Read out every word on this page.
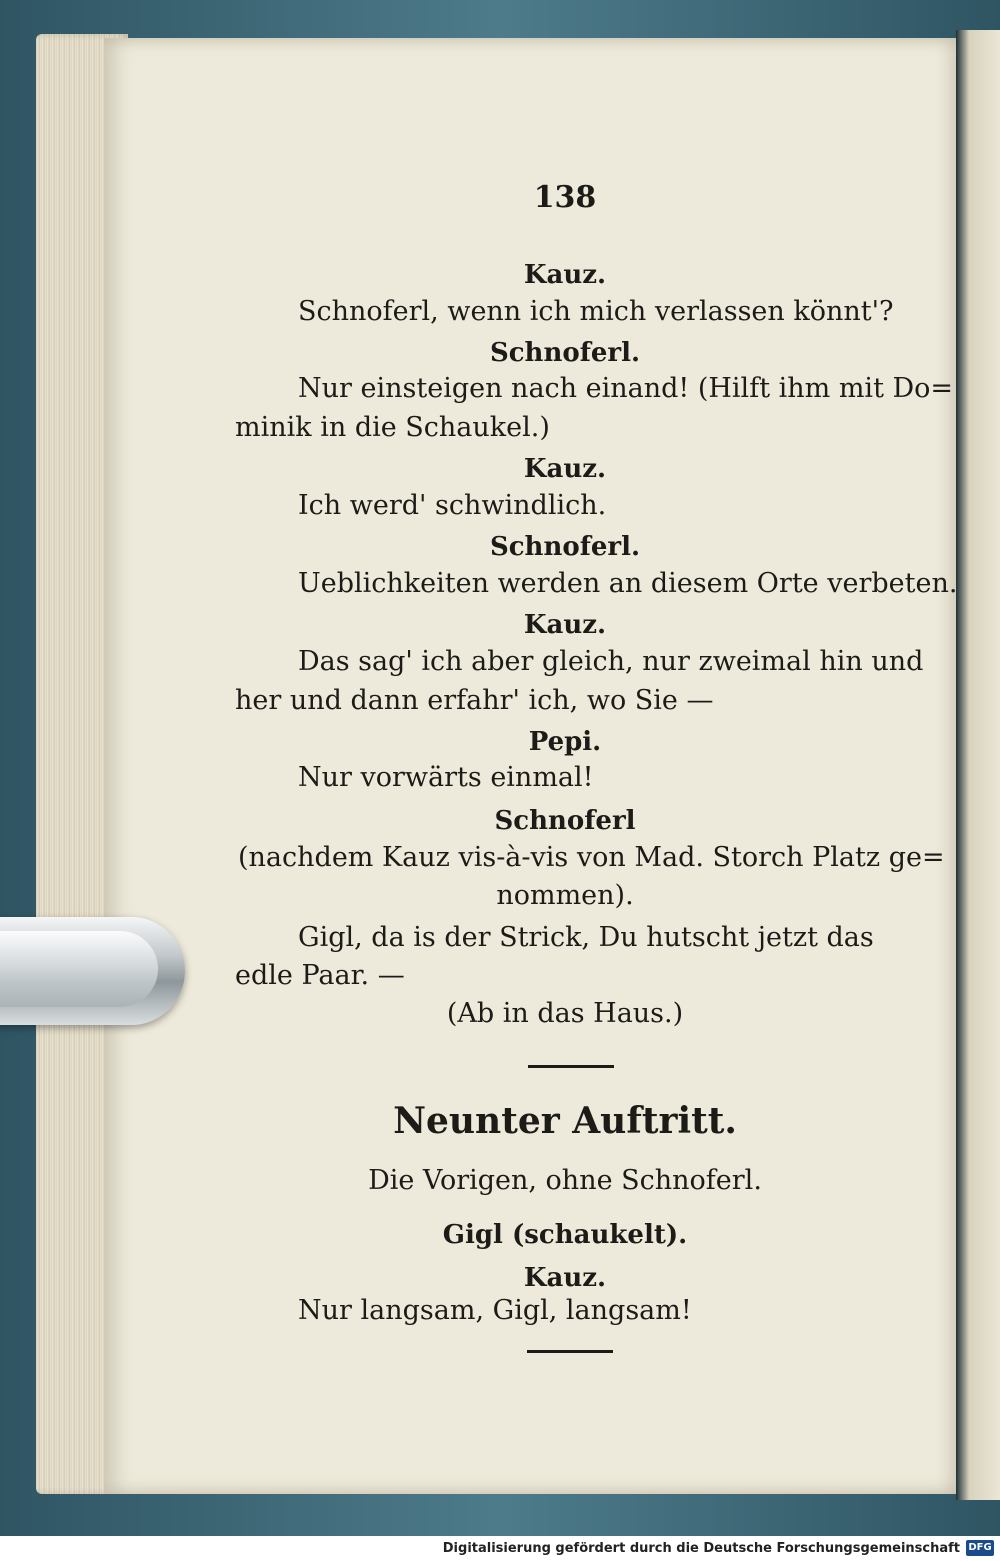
138
Kauz.
Schnoferl, wenn ich mich verlassen könnt'?
Schnoferl.
Nur einsteigen nach einand! (Hilft ihm mit Do=
minik in die Schaukel.)
Kauz.
Ich werd' schwindlich.
Schnoferl.
Ueblichkeiten werden an diesem Orte verbeten.
Kauz.
Das sag' ich aber gleich, nur zweimal hin und
her und dann erfahr' ich, wo Sie —
Pepi.
Nur vorwärts einmal!
Schnoferl
(nachdem Kauz vis-à-vis von Mad. Storch Platz ge=
nommen).
Gigl, da is der Strick, Du hutscht jetzt das
edle Paar. —
(Ab in das Haus.)
Neunter Auftritt.
Die Vorigen, ohne Schnoferl.
Gigl (schaukelt).
Kauz.
Nur langsam, Gigl, langsam!
Digitalisierung gefördert durch die Deutsche Forschungsgemeinschaft DFG
